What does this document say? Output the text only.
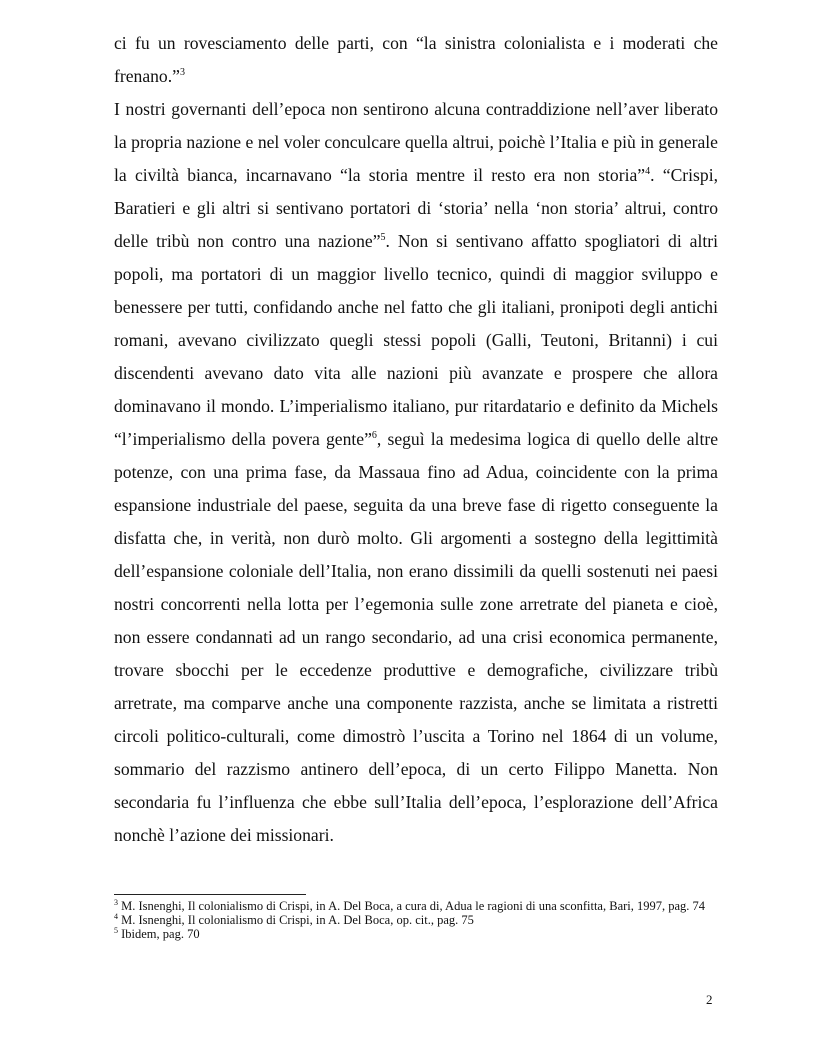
ci fu un rovesciamento delle parti, con “la sinistra colonialista e i moderati che frenano.”$^3$

I nostri governanti dell’epoca non sentirono alcuna contraddizione nell’aver liberato la propria nazione e nel voler conculcare quella altrui, poichè l’Italia e più in generale la civiltà bianca, incarnavano “la storia mentre il resto era non storia”$^4$. “Crispi, Baratieri e gli altri si sentivano portatori di ‘storia’ nella ‘non storia’ altrui, contro delle tribù non contro una nazione”$^5$. Non si sentivano affatto spogliatori di altri popoli, ma portatori di un maggior livello tecnico, quindi di maggior sviluppo e benessere per tutti, confidando anche nel fatto che gli italiani, pronipoti degli antichi romani, avevano civilizzato quegli stessi popoli (Galli, Teutoni, Britanni) i cui discendenti avevano dato vita alle nazioni più avanzate e prospere che allora dominavano il mondo. L’imperialismo italiano, pur ritardatario e definito da Michels “l’imperialismo della povera gente”$^6$, seguì la medesima logica di quello delle altre potenze, con una prima fase, da Massaua fino ad Adua, coincidente con la prima espansione industriale del paese, seguita da una breve fase di rigetto conseguente la disfatta che, in verità, non durò molto. Gli argomenti a sostegno della legittimità dell’espansione coloniale dell’Italia, non erano dissimili da quelli sostenuti nei paesi nostri concorrenti nella lotta per l’egemonia sulle zone arretrate del pianeta e cioè, non essere condannati ad un rango secondario, ad una crisi economica permanente, trovare sbocchi per le eccedenze produttive e demografiche, civilizzare tribù arretrate, ma comparve anche una componente razzista, anche se limitata a ristretti circoli politico-culturali, come dimostrò l’uscita a Torino nel 1864 di un volume, sommario del razzismo antinero dell’epoca, di un certo Filippo Manetta. Non secondaria fu l’influenza che ebbe sull’Italia dell’epoca, l’esplorazione dell’Africa nonchè l’azione dei missionari.

$^3$ M. Isnenghi, Il colonialismo di Crispi, in A. Del Boca, a cura di, Adua le ragioni di una sconfitta, Bari, 1997, pag. 74

$^4$ M. Isnenghi, Il colonialismo di Crispi, in A. Del Boca, op. cit., pag. 75

$^5$ Ibidem, pag. 70

2
